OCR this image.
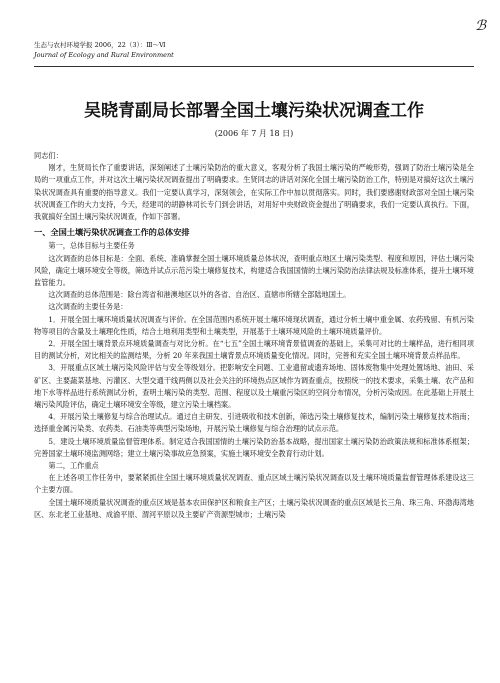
ℬ
生态与农村环境学报 2006，22（3）：Ⅲ～Ⅵ
Journal of Ecology and Rural Environment
吴晓青副局长部署全国土壤污染状况调查工作
(2006 年 7 月 18 日)

同志们：

刚才，生贤局长作了重要讲话，深刻阐述了土壤污染防治的重大意义，客观分析了我国土壤污染的严峻形势，强调了防治土壤污染是全局的一项重点工作，并对这次土壤污染状况调查提出了明确要求。生贤同志的讲话对深化全国土壤污染防治工作，特别是对搞好这次土壤污染状况调查具有重要的指导意义。我们一定要认真学习，深刻领会，在实际工作中加以贯彻落实。同时，我们要感谢财政部对全国土壤污染状况调查工作的大力支持，今天，经建司的胡静林司长专门到会讲话，对用好中央财政资金提出了明确要求，我们一定要认真执行。下面，我就搞好全国土壤污染状况调查，作如下部署。

一、全国土壤污染状况调查工作的总体安排

第一，总体目标与主要任务

这次调查的总体目标是：全面、系统、准确掌握全国土壤环境质量总体状况，查明重点地区土壤污染类型、程度和原因，评估土壤污染风险，确定土壤环境安全等级，筛选并试点示范污染土壤修复技术，构建适合我国国情的土壤污染防治法律法规及标准体系，提升土壤环境监管能力。

这次调查的总体范围是：除台湾省和港澳地区以外的各省、自治区、直辖市所辖全部陆地国土。

这次调查的主要任务是：

1．开展全国土壤环境质量状况调查与评价。在全国范围内系统开展土壤环境现状调查，通过分析土壤中重金属、农药残留、有机污染物等项目的含量及土壤理化性质，结合土地利用类型和土壤类型，开展基于土壤环境风险的土壤环境质量评价。

2．开展全国土壤背景点环境质量调查与对比分析。在“七五”全国土壤环境背景值调查的基础上，采集可对比的土壤样品，进行相同项目的测试分析，对比相关的监测结果，分析 20 年来我国土壤背景点环境质量变化情况。同时，完善和充实全国土壤环境背景点样品库。

3．开展重点区域土壤污染风险评估与安全等级划分。把影响安全问题、工业遗留或遗弃场地、固体废物集中处理处置场地、油田、采矿区、主要蔬菜基地、污灌区、大型交通干线两侧以及社会关注的环境热点区域作为调查重点，按照统一的技术要求，采集土壤、农产品和地下水等样品进行系统测试分析，查明土壤污染的类型、范围、程度以及土壤重污染区的空间分布情况，分析污染成因。在此基础上开展土壤污染风险评估，确定土壤环境安全等级，建立污染土壤档案。

4．开展污染土壤修复与综合治理试点。通过自主研发、引进吸收和技术创新，筛选污染土壤修复技术，编制污染土壤修复技术指南；选择重金属污染类、农药类、石油类等典型污染场地，开展污染土壤修复与综合治理的试点示范。

5．建设土壤环境质量监督管理体系。制定适合我国国情的土壤污染防治基本战略，提出国家土壤污染防治政策法规和标准体系框架；完善国家土壤环境监测网络；建立土壤污染事故应急预案，实施土壤环境安全教育行动计划。

第二，工作重点

在上述各项工作任务中，要紧紧抓住全国土壤环境质量状况调查、重点区域土壤污染状况调查以及土壤环境质量监督管理体系建设这三个主要方面。

全国土壤环境质量状况调查的重点区域是基本农田保护区和粮食主产区；土壤污染状况调查的重点区域是长三角、珠三角、环渤海湾地区、东北老工业基地、成渝平原、渭河平原以及主要矿产资源型城市；土壤污染
